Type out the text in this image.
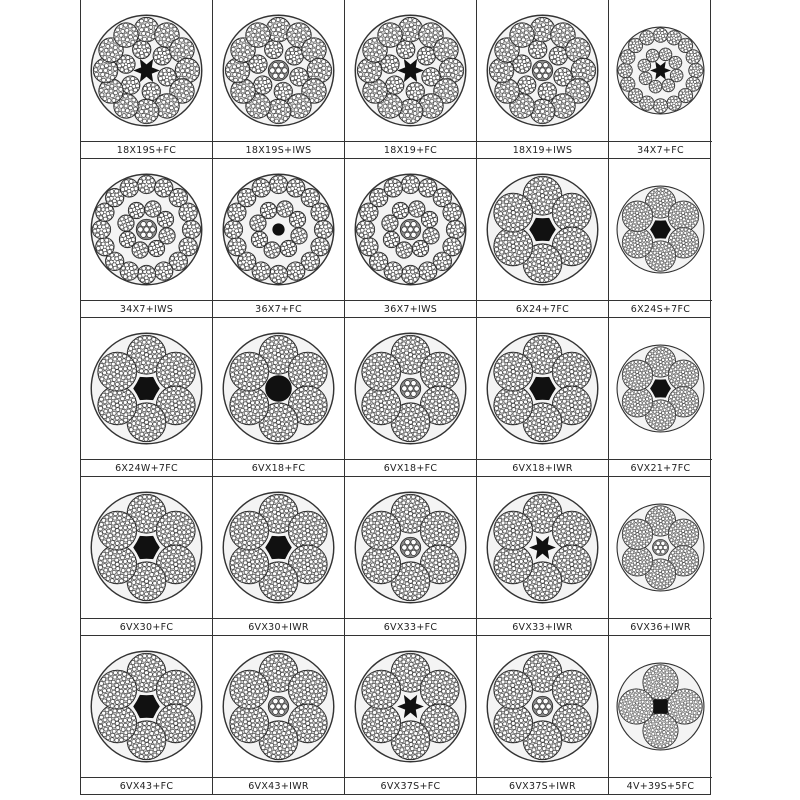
18X19S+FC	18X19S+IWS	18X19+FC	18X19+IWS	34X7+FC
34X7+IWS	36X7+FC	36X7+IWS	6X24+7FC	6X24S+7FC
6X24W+7FC	6VX18+FC	6VX18+FC	6VX18+IWR	6VX21+7FC
6VX30+FC	6VX30+IWR	6VX33+FC	6VX33+IWR	6VX36+IWR
6VX43+FC	6VX43+IWR	6VX37S+FC	6VX37S+IWR	4V+39S+5FC
